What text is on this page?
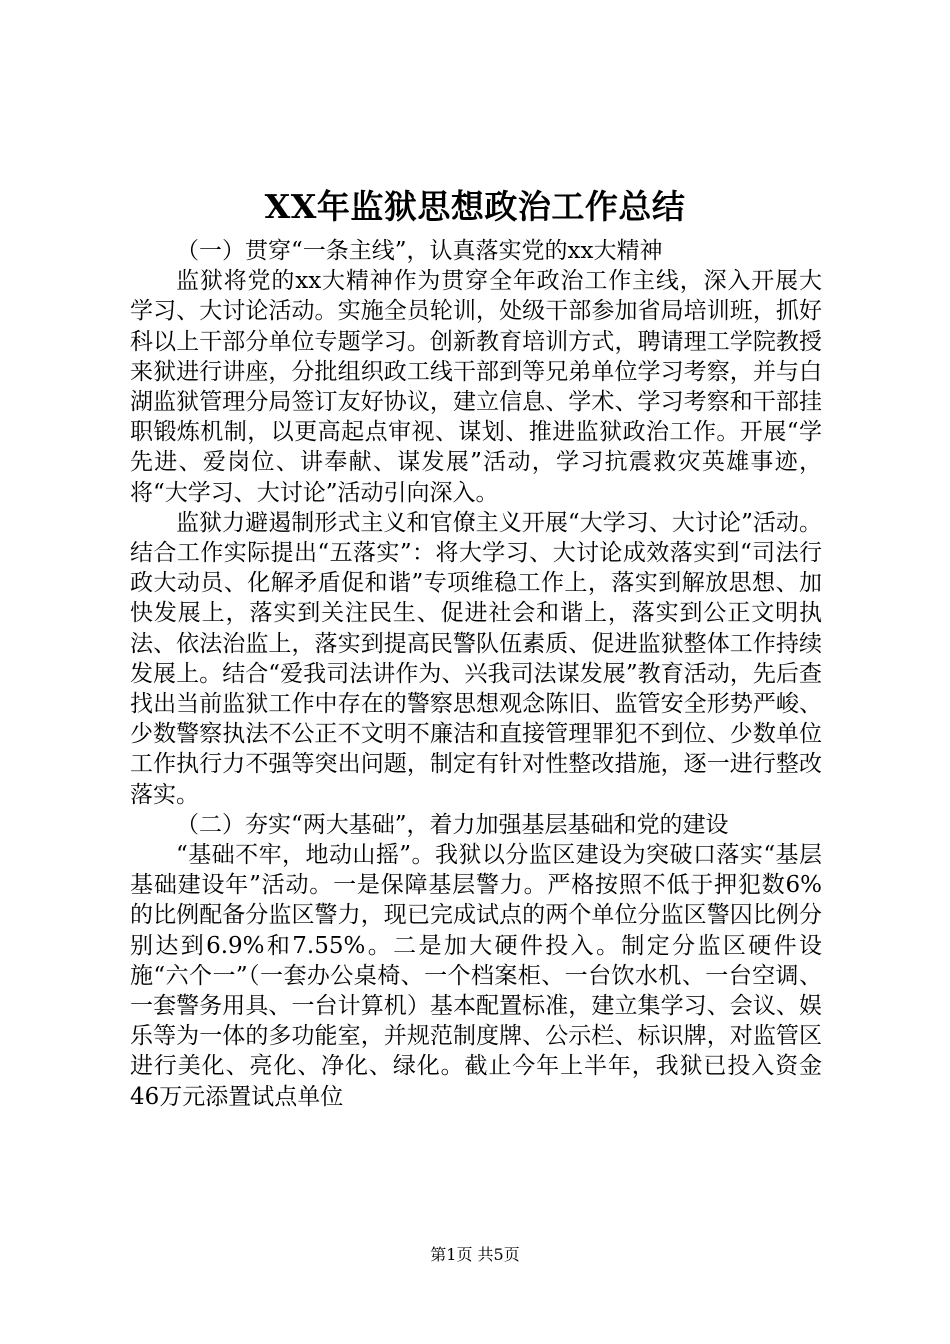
XX年监狱思想政治工作总结

（一）贯穿“一条主线”，认真落实党的xx大精神

监狱将党的xx大精神作为贯穿全年政治工作主线，深入开展大学习、大讨论活动。实施全员轮训，处级干部参加省局培训班，抓好科以上干部分单位专题学习。创新教育培训方式，聘请理工学院教授来狱进行讲座，分批组织政工线干部到等兄弟单位学习考察，并与白湖监狱管理分局签订友好协议，建立信息、学术、学习考察和干部挂职锻炼机制，以更高起点审视、谋划、推进监狱政治工作。开展“学先进、爱岗位、讲奉献、谋发展”活动，学习抗震救灾英雄事迹，将“大学习、大讨论”活动引向深入。

监狱力避遏制形式主义和官僚主义开展“大学习、大讨论”活动。结合工作实际提出“五落实”：将大学习、大讨论成效落实到“司法行政大动员、化解矛盾促和谐”专项维稳工作上，落实到解放思想、加快发展上，落实到关注民生、促进社会和谐上，落实到公正文明执法、依法治监上，落实到提高民警队伍素质、促进监狱整体工作持续发展上。结合“爱我司法讲作为、兴我司法谋发展”教育活动，先后查找出当前监狱工作中存在的警察思想观念陈旧、监管安全形势严峻、少数警察执法不公正不文明不廉洁和直接管理罪犯不到位、少数单位工作执行力不强等突出问题，制定有针对性整改措施，逐一进行整改落实。

（二）夯实“两大基础”，着力加强基层基础和党的建设

“基础不牢，地动山摇”。我狱以分监区建设为突破口落实“基层基础建设年”活动。一是保障基层警力。严格按照不低于押犯数6%的比例配备分监区警力，现已完成试点的两个单位分监区警囚比例分别达到6.9%和7.55%。二是加大硬件投入。制定分监区硬件设施“六个一”（一套办公桌椅、一个档案柜、一台饮水机、一台空调、一套警务用具、一台计算机）基本配置标准，建立集学习、会议、娱乐等为一体的多功能室，并规范制度牌、公示栏、标识牌，对监管区进行美化、亮化、净化、绿化。截止今年上半年，我狱已投入资金46万元添置试点单位

第1页 共5页
